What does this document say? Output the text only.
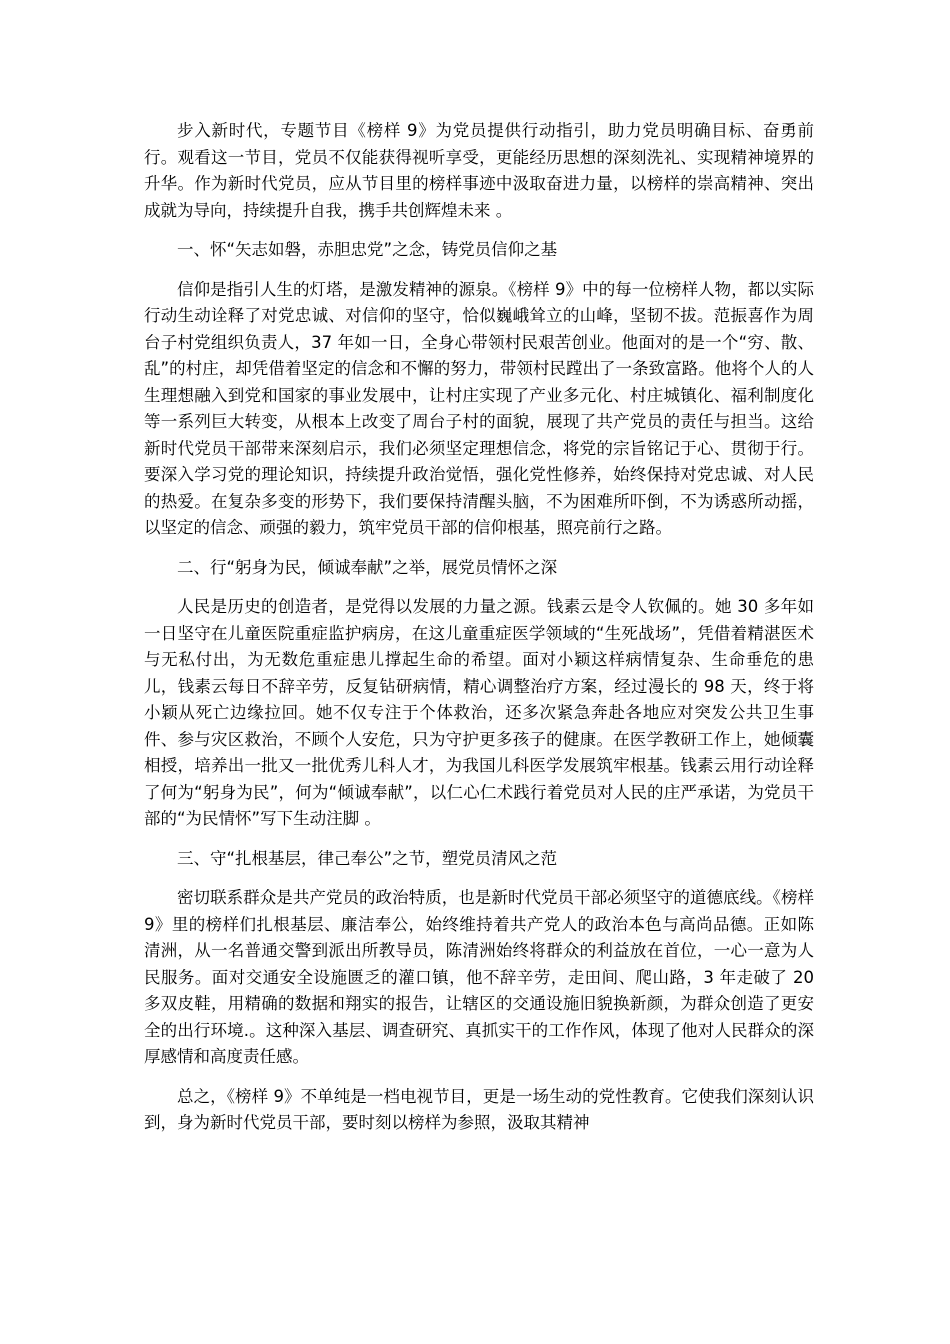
步入新时代，专题节目《榜样 9》为党员提供行动指引，助力党员明确目标、奋勇前行。观看这一节目，党员不仅能获得视听享受，更能经历思想的深刻洗礼、实现精神境界的升华。作为新时代党员，应从节目里的榜样事迹中汲取奋进力量，以榜样的崇高精神、突出成就为导向，持续提升自我，携手共创辉煌未来 。

一、怀“矢志如磐，赤胆忠党”之念，铸党员信仰之基

信仰是指引人生的灯塔，是激发精神的源泉。《榜样 9》中的每一位榜样人物，都以实际行动生动诠释了对党忠诚、对信仰的坚守，恰似巍峨耸立的山峰，坚韧不拔。范振喜作为周台子村党组织负责人，37 年如一日，全身心带领村民艰苦创业。他面对的是一个“穷、散、乱”的村庄，却凭借着坚定的信念和不懈的努力，带领村民蹚出了一条致富路。他将个人的人生理想融入到党和国家的事业发展中，让村庄实现了产业多元化、村庄城镇化、福利制度化等一系列巨大转变，从根本上改变了周台子村的面貌，展现了共产党员的责任与担当。这给新时代党员干部带来深刻启示，我们必须坚定理想信念，将党的宗旨铭记于心、贯彻于行。要深入学习党的理论知识，持续提升政治觉悟，强化党性修养，始终保持对党忠诚、对人民的热爱。在复杂多变的形势下，我们要保持清醒头脑，不为困难所吓倒，不为诱惑所动摇，以坚定的信念、顽强的毅力，筑牢党员干部的信仰根基，照亮前行之路。

二、行“躬身为民，倾诚奉献”之举，展党员情怀之深

人民是历史的创造者，是党得以发展的力量之源。钱素云是令人钦佩的。她 30 多年如一日坚守在儿童医院重症监护病房，在这儿童重症医学领域的“生死战场”，凭借着精湛医术与无私付出，为无数危重症患儿撑起生命的希望。面对小颖这样病情复杂、生命垂危的患儿，钱素云每日不辞辛劳，反复钻研病情，精心调整治疗方案，经过漫长的 98 天，终于将小颖从死亡边缘拉回。她不仅专注于个体救治，还多次紧急奔赴各地应对突发公共卫生事件、参与灾区救治，不顾个人安危，只为守护更多孩子的健康。在医学教研工作上，她倾囊相授，培养出一批又一批优秀儿科人才，为我国儿科医学发展筑牢根基。钱素云用行动诠释了何为“躬身为民”，何为“倾诚奉献”，以仁心仁术践行着党员对人民的庄严承诺，为党员干部的“为民情怀”写下生动注脚 。

三、守“扎根基层，律己奉公”之节，塑党员清风之范

密切联系群众是共产党员的政治特质，也是新时代党员干部必须坚守的道德底线。《榜样 9》里的榜样们扎根基层、廉洁奉公，始终维持着共产党人的政治本色与高尚品德。正如陈清洲，从一名普通交警到派出所教导员，陈清洲始终将群众的利益放在首位，一心一意为人民服务。面对交通安全设施匮乏的灌口镇，他不辞辛劳，走田间、爬山路，3 年走破了 20 多双皮鞋，用精确的数据和翔实的报告，让辖区的交通设施旧貌换新颜，为群众创造了更安全的出行环境.。这种深入基层、调查研究、真抓实干的工作作风，体现了他对人民群众的深厚感情和高度责任感。

总之，《榜样 9》不单纯是一档电视节目，更是一场生动的党性教育。它使我们深刻认识到，身为新时代党员干部，要时刻以榜样为参照，汲取其精神
